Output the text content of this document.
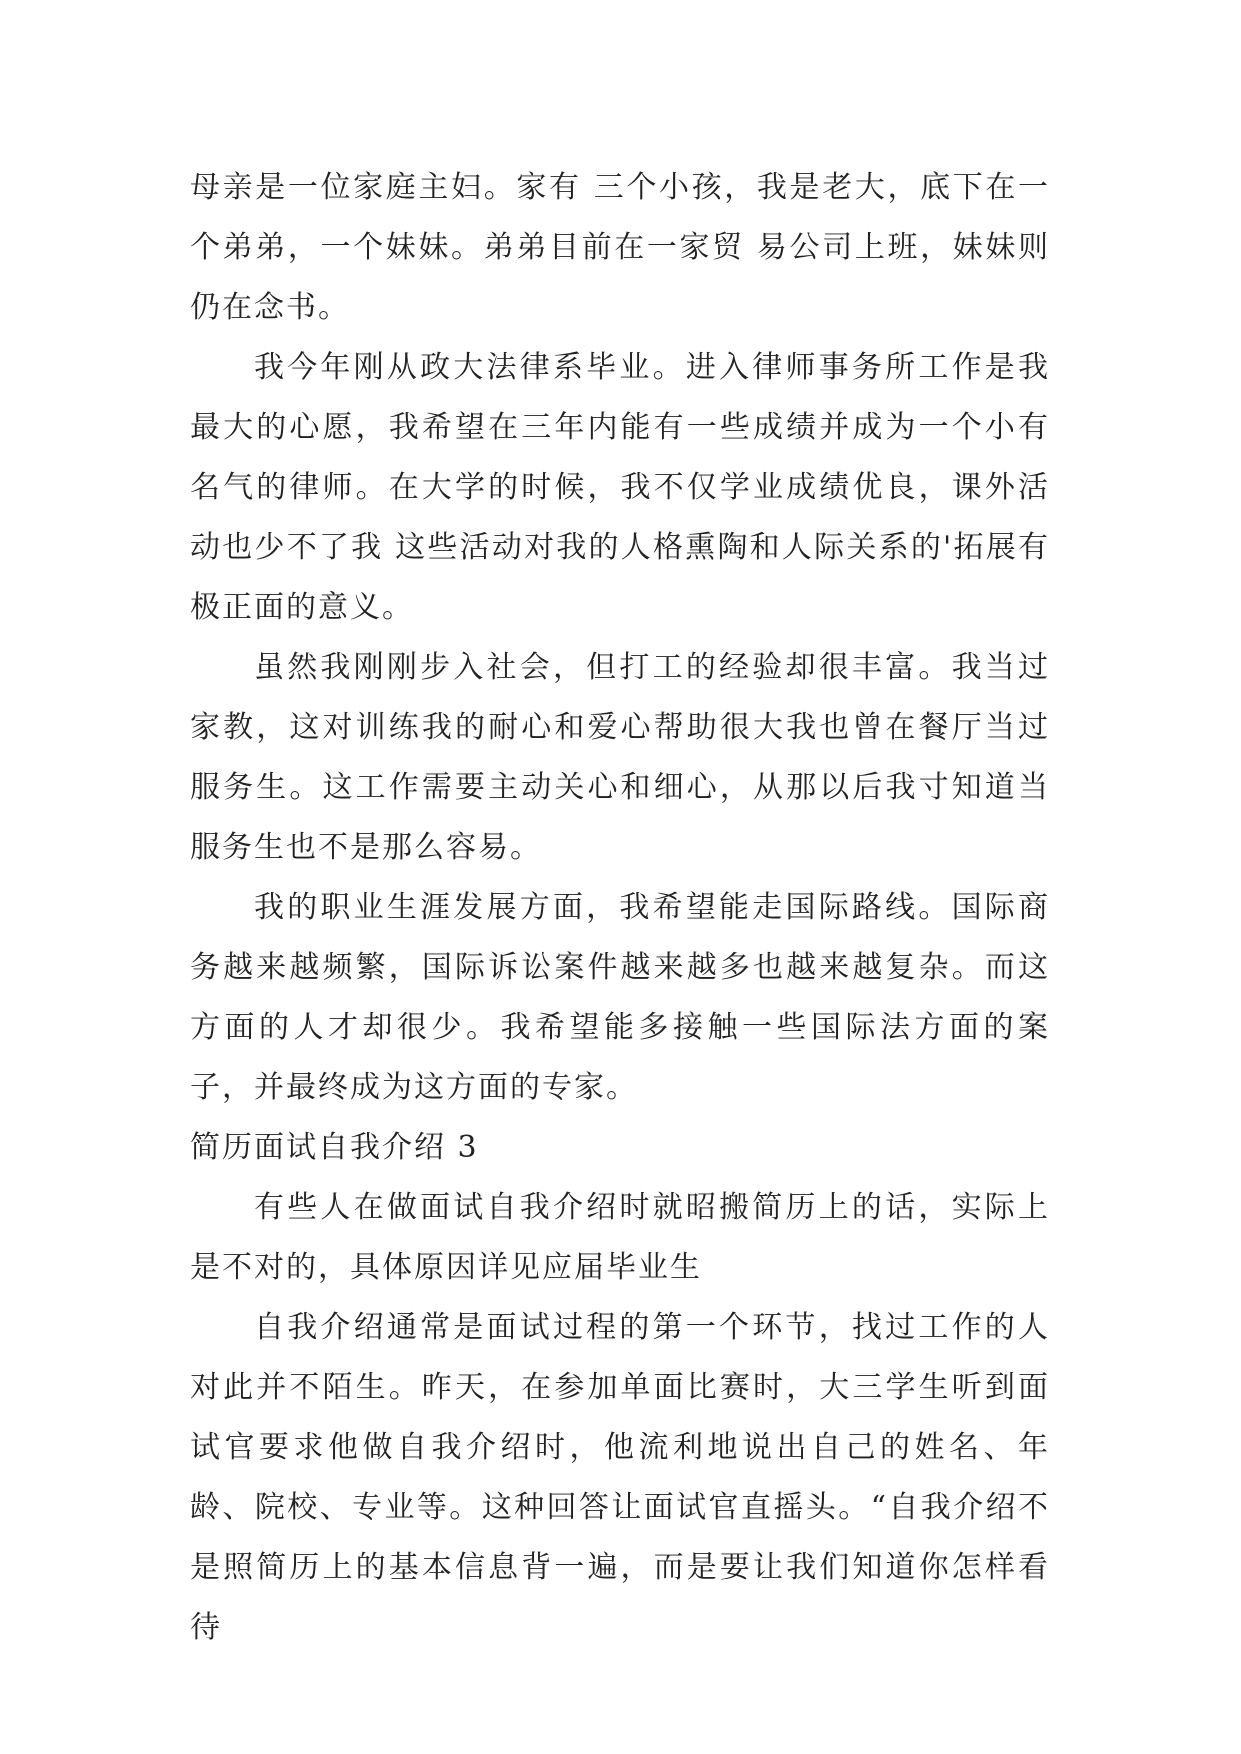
母亲是一位家庭主妇。家有 三个小孩，我是老大，底下在一个弟弟，一个妹妹。弟弟目前在一家贸 易公司上班，妹妹则仍在念书。

我今年刚从政大法律系毕业。进入律师事务所工作是我最大的心愿，我希望在三年内能有一些成绩并成为一个小有名气的律师。在大学的时候，我不仅学业成绩优良，课外活动也少不了我 这些活动对我的人格熏陶和人际关系的'拓展有极正面的意义。

虽然我刚刚步入社会，但打工的经验却很丰富。我当过家教，这对训练我的耐心和爱心帮助很大我也曾在餐厅当过服务生。这工作需要主动关心和细心，从那以后我寸知道当服务生也不是那么容易。

我的职业生涯发展方面，我希望能走国际路线。国际商务越来越频繁，国际诉讼案件越来越多也越来越复杂。而这方面的人才却很少。我希望能多接触一些国际法方面的案子，并最终成为这方面的专家。

简历面试自我介绍 3

有些人在做面试自我介绍时就昭搬简历上的话，实际上是不对的，具体原因详见应届毕业生

自我介绍通常是面试过程的第一个环节，找过工作的人对此并不陌生。昨天，在参加单面比赛时，大三学生听到面试官要求他做自我介绍时，他流利地说出自己的姓名、年龄、院校、专业等。这种回答让面试官直摇头。“自我介绍不是照简历上的基本信息背一遍，而是要让我们知道你怎样看待
